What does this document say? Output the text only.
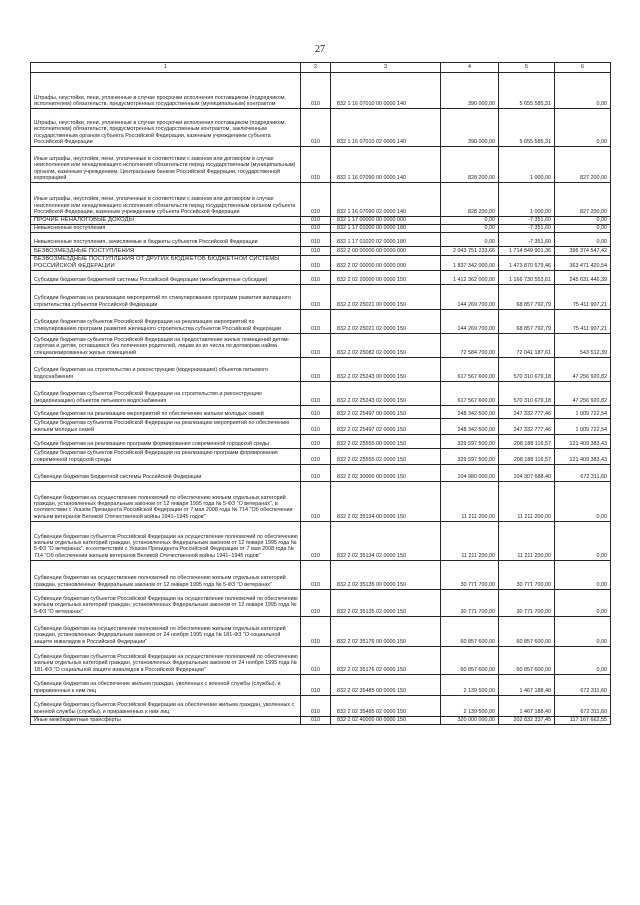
27
1	2	3	4	5	6
Штрафы, неустойки, пени, уплаченные в случае просрочки исполнения поставщиком (подрядчиком, исполнителем) обязательств, предусмотренных государственным (муниципальным) контрактом	010	832 1 16 07010 00 0000 140	390 000,00	5 655 585,31	0,00
Штрафы, неустойки, пени, уплаченные в случае просрочки исполнения поставщиком (подрядчиком, исполнителем) обязательств, предусмотренных государственным контрактом, заключенным государственным органом субъекта Российской Федерации, казенным учреждением субъекта Российской Федерации	010	832 1 16 07010 02 0000 140	390 000,00	5 655 585,31	0,00
Иные штрафы, неустойки, пени, уплаченные в соответствии с законом или договором в случае неисполнения или ненадлежащего исполнения обязательств перед государственным (муниципальным) органом, казенным учреждением, Центральным банком Российской Федерации, государственной корпорацией	010	832 1 16 07090 00 0000 140	828 200,00	1 000,00	827 200,00
Иные штрафы, неустойки, пени, уплаченные в соответствии с законом или договором в случае неисполнения или ненадлежащего исполнения обязательств перед государственным органом субъекта Российской Федерации, казенным учреждением субъекта Российской Федерации	010	832 1 16 07090 02 0000 140	828 200,00	1 000,00	827 200,00
ПРОЧИЕ НЕНАЛОГОВЫЕ ДОХОДЫ	010	832 1 17 00000 00 0000 000	0,00	-7 351,60	0,00
Невыясненные поступления	010	832 1 17 01000 00 0000 180	0,00	-7 351,60	0,00
Невыясненные поступления, зачисляемые в бюджеты субъектов Российской Федерации	010	832 1 17 01020 02 0000 180	0,00	-7 351,60	0,00
БЕЗВОЗМЕЗДНЫЕ ПОСТУПЛЕНИЯ	010	832 2 00 00000 00 0000 000	2 043 751 233,66	1 714 849 901,36	396 374 547,42
БЕЗВОЗМЕЗДНЫЕ ПОСТУПЛЕНИЯ ОТ ДРУГИХ БЮДЖЕТОВ БЮДЖЕТНОЙ СИСТЕМЫ РОССИЙСКОЙ ФЕДЕРАЦИИ	010	832 2 02 00000 00 0000 000	1 837 342 000,00	1 473 870 579,46	363 471 420,54
Субсидии бюджетам бюджетной системы Российской Федерации (межбюджетные субсидии)	010	832 2 02 20000 00 0000 150	1 412 362 000,00	1 166 730 553,61	245 631 446,39
Субсидии бюджетам на реализацию мероприятий по стимулированию программ развития жилищного строительства субъектов Российской Федерации	010	832 2 02 25021 00 0000 150	144 269 700,00	68 857 792,79	75 411 907,21
Субсидии бюджетам субъектов Российской Федерации на реализацию мероприятий по стимулированию программ развития жилищного строительства субъектов Российской Федерации	010	832 2 02 25021 02 0000 150	144 269 700,00	68 857 792,79	75 411 907,21
Субсидии бюджетам субъектов Российской Федерации на предоставление жилых помещений детям-сиротам и детям, оставшимся без попечения родителей, лицам из их числа по договорам найма специализированных жилых помещений	010	832 2 02 25082 02 0000 150	72 584 700,00	72 041 187,61	543 512,39
Субсидии бюджетам на строительство и реконструкцию (модернизацию) объектов питьевого водоснабжения	010	832 2 02 25243 00 0000 150	617 567 600,00	570 310 679,18	47 256 920,82
Субсидии бюджетам субъектов Российской Федерации на строительство и реконструкцию (модернизацию) объектов питьевого водоснабжения	010	832 2 02 25243 02 0000 150	617 567 600,00	570 310 679,18	47 256 920,82
Субсидии бюджетам на реализацию мероприятий по обеспечению жильем молодых семей	010	832 2 02 25497 00 0000 150	248 342 500,00	247 332 777,46	1 009 722,54
Субсидии бюджетам субъектов Российской Федерации на реализацию мероприятий по обеспечению жильем молодых семей	010	832 2 02 25497 02 0000 150	248 342 500,00	247 332 777,46	1 009 722,54
Субсидии бюджетам на реализацию программ формирования современной городской среды	010	832 2 02 25555 00 0000 150	329 597 500,00	208 188 116,57	121 409 383,43
Субсидии бюджетам субъектов Российской Федерации на реализацию программ формирования современной городской среды	010	832 2 02 25555 02 0000 150	329 597 500,00	208 188 116,57	121 409 383,43
Субвенции бюджетам бюджетной системы Российской Федерации	010	832 2 02 30000 00 0000 150	104 980 000,00	104 307 688,40	672 311,60
Субвенции бюджетам на осуществление полномочий по обеспечению жильем отдельных категорий граждан, установленных Федеральным законом от 12 января 1995 года № 5-ФЗ "О ветеранах", в соответствии с Указом Президента Российской Федерации от 7 мая 2008 года № 714 "Об обеспечении жильем ветеранов Великой Отечественной войны 1941–1945 годов"	010	832 2 02 35134 00 0000 150	11 211 200,00	11 211 200,00	0,00
Субвенции бюджетам субъектов Российской Федерации на осуществление полномочий по обеспечению жильем отдельных категорий граждан, установленных Федеральным законом от 12 января 1995 года № 5-ФЗ "О ветеранах", в соответствии с Указом Президента Российской Федерации от 7 мая 2008 года № 714 "Об обеспечении жильем ветеранов Великой Отечественной войны 1941–1945 годов"	010	832 2 02 35134 02 0000 150	11 211 200,00	11 211 200,00	0,00
Субвенции бюджетам на осуществление полномочий по обеспечению жильем отдельных категорий граждан, установленных Федеральным законом от 12 января 1995 года № 5-ФЗ "О ветеранах"	010	832 2 02 35135 00 0000 150	30 771 700,00	30 771 700,00	0,00
Субвенции бюджетам субъектов Российской Федерации на осуществление полномочий по обеспечению жильем отдельных категорий граждан, установленных Федеральным законом от 12 января 1995 года № 5-ФЗ "О ветеранах"	010	832 2 02 35135 02 0000 150	30 771 700,00	30 771 700,00	0,00
Субвенции бюджетам на осуществление полномочий по обеспечению жильем отдельных категорий граждан, установленных Федеральным законом от 24 ноября 1995 года № 181-ФЗ "О социальной защите инвалидов в Российской Федерации"	010	832 2 02 35176 00 0000 150	60 857 600,00	60 857 600,00	0,00
Субвенции бюджетам субъектов Российской Федерации на осуществление полномочий по обеспечению жильем отдельных категорий граждан, установленных Федеральным законом от 24 ноября 1995 года № 181-ФЗ "О социальной защите инвалидов в Российской Федерации"	010	832 2 02 35176 02 0000 150	60 857 600,00	60 857 600,00	0,00
Субвенции бюджетам на обеспечение жильем граждан, уволенных с военной службы (службы), и приравненных к ним лиц	010	832 2 02 35485 00 0000 150	2 139 500,00	1 467 188,40	672 311,60
Субвенции бюджетам субъектов Российской Федерации на обеспечение жильем граждан, уволенных с военной службы (службы), и приравненных к ним лиц	010	832 2 02 35485 02 0000 150	2 139 500,00	1 467 188,40	672 311,60
Иные межбюджетные трансферты	010	832 2 02 40000 00 0000 150	320 000 000,00	202 832 337,45	117 167 662,55
